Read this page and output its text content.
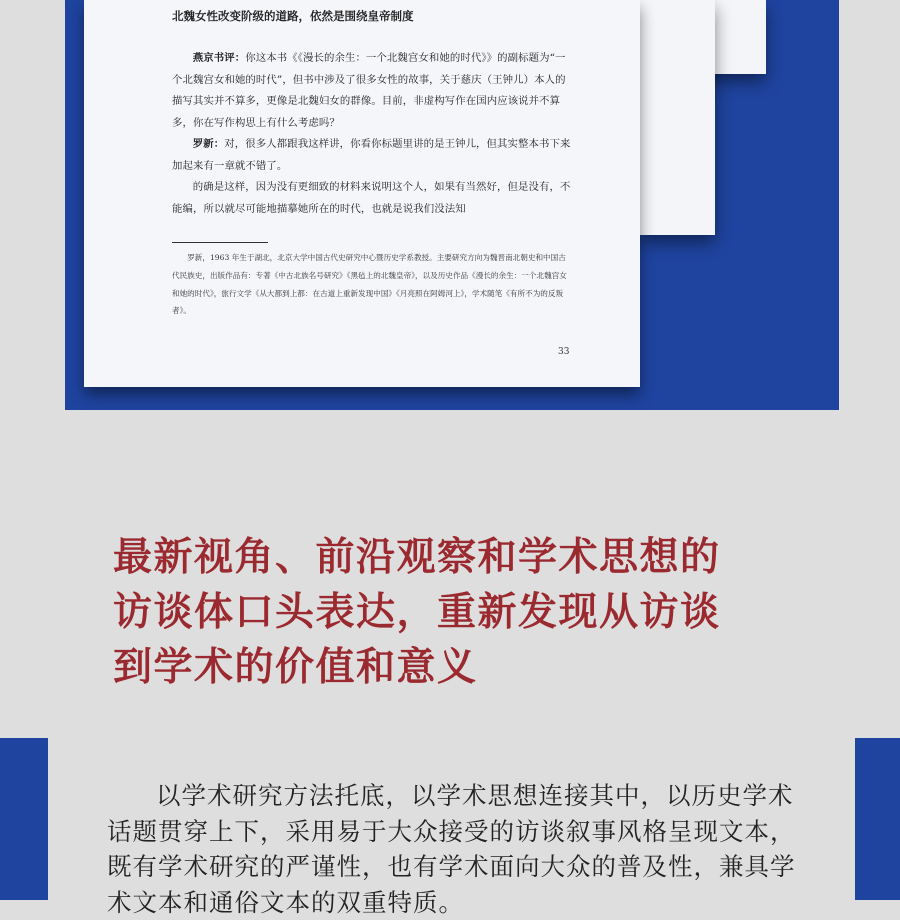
北魏女性改变阶级的道路，依然是围绕皇帝制度

燕京书评：你这本书《《漫长的余生：一个北魏宫女和她的时代》》的副标题为“一个北魏宫女和她的时代”，但书中涉及了很多女性的故事，关于慈庆（王钟儿）本人的描写其实并不算多，更像是北魏妇女的群像。目前，非虚构写作在国内应该说并不算多，你在写作构思上有什么考虑吗？

罗新：对，很多人都跟我这样讲，你看你标题里讲的是王钟儿，但其实整本书下来加起来有一章就不错了。

的确是这样，因为没有更细致的材料来说明这个人，如果有当然好，但是没有，不能编，所以就尽可能地描摹她所在的时代，也就是说我们没法知

罗新，1963 年生于湖北，北京大学中国古代史研究中心暨历史学系教授。主要研究方向为魏晋南北朝史和中国古代民族史，出版作品有：专著《中古北族名号研究》《黑毡上的北魏皇帝》，以及历史作品《漫长的余生：一个北魏宫女和她的时代》，旅行文学《从大都到上都：在古道上重新发现中国》《月亮照在阿姆河上》，学术随笔《有所不为的反叛者》。

33
最新视角、前沿观察和学术思想的
访谈体口头表达，重新发现从访谈
到学术的价值和意义

以学术研究方法托底，以学术思想连接其中，以历史学术话题贯穿上下，采用易于大众接受的访谈叙事风格呈现文本，既有学术研究的严谨性，也有学术面向大众的普及性，兼具学术文本和通俗文本的双重特质。
